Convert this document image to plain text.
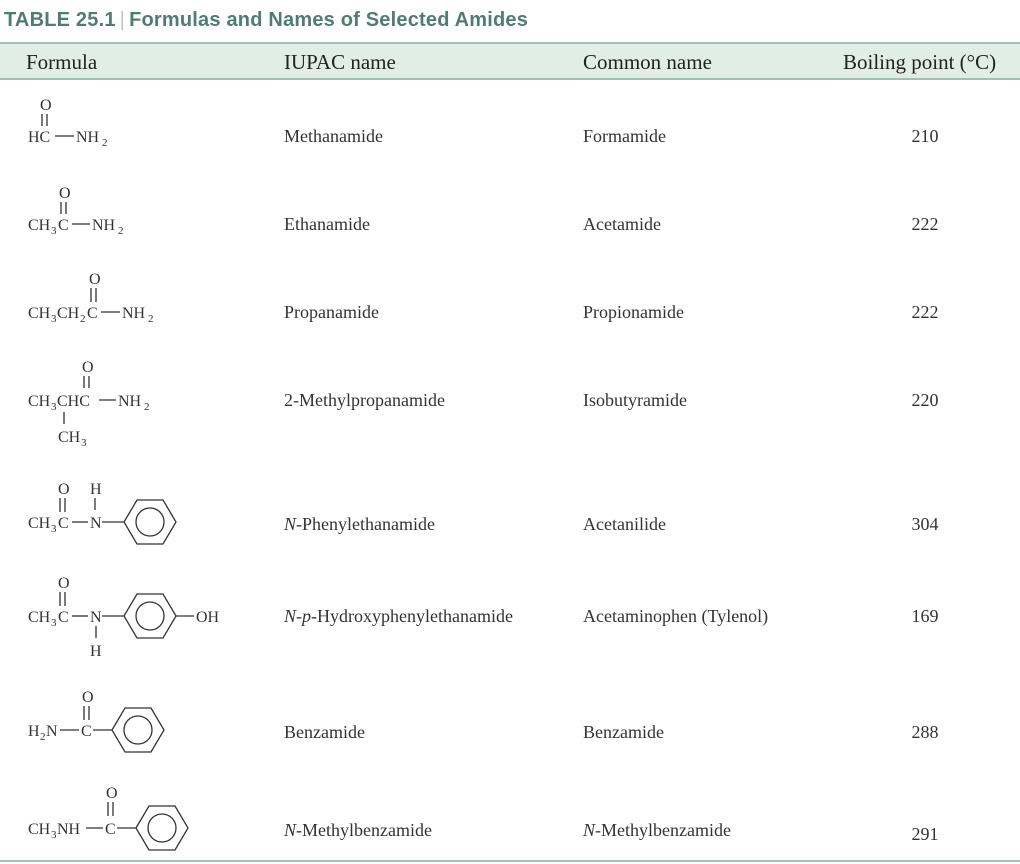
TABLE 25.1 | Formulas and Names of Selected Amides
Formula	IUPAC name	Common name	Boiling point (°C)
O
HC NH 2	Methanamide	Formamide	210
O
CH 3 C NH 2	Ethanamide	Acetamide	222
O
CH 3 CH 2 C NH 2	Propanamide	Propionamide	222
O
CH 3 CHC NH 2
CH 3
2-Methylpropanamide	Isobutyramide	220
O H
CH 3 C N	N-Phenylethanamide	Acetanilide	304
O
CH 3 C N
H
OH	N-p-Hydroxyphenylethanamide	Acetaminophen (Tylenol)	169
O
H 2 N C	Benzamide	Benzamide	288
O
CH 3 NH C	N-Methylbenzamide	N-Methylbenzamide	291
